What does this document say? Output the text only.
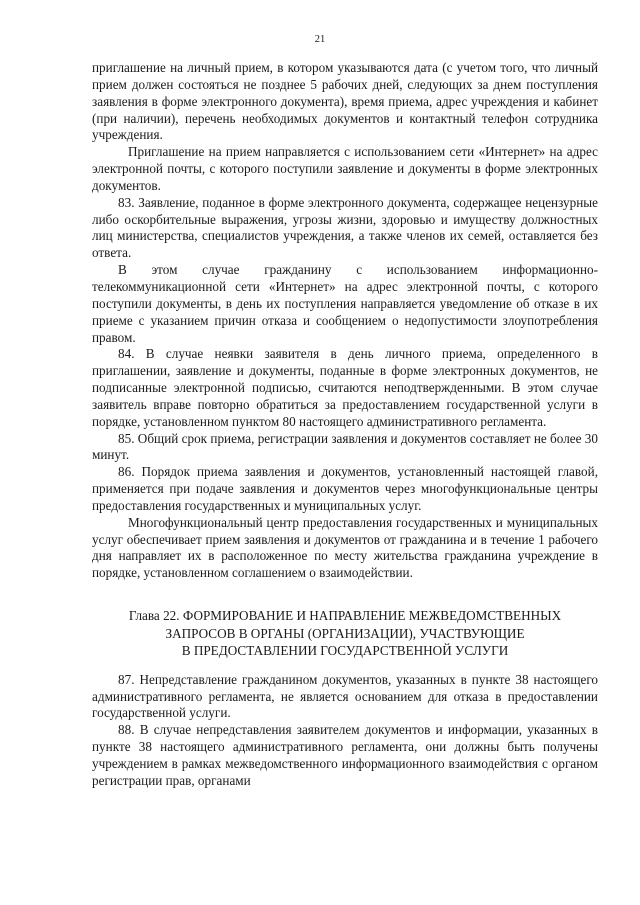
21

приглашение на личный прием, в котором указываются дата (с учетом того, что личный прием должен состояться не позднее 5 рабочих дней, следующих за днем поступления заявления в форме электронного документа), время приема, адрес учреждения и кабинет (при наличии), перечень необходимых документов и контактный телефон сотрудника учреждения.

Приглашение на прием направляется с использованием сети «Интернет» на адрес электронной почты, с которого поступили заявление и документы в форме электронных документов.

83. Заявление, поданное в форме электронного документа, содержащее нецензурные либо оскорбительные выражения, угрозы жизни, здоровью и имуществу должностных лиц министерства, специалистов учреждения, а также членов их семей, оставляется без ответа.

В этом случае гражданину с использованием информационно-телекоммуникационной сети «Интернет» на адрес электронной почты, с которого поступили документы, в день их поступления направляется уведомление об отказе в их приеме с указанием причин отказа и сообщением о недопустимости злоупотребления правом.

84. В случае неявки заявителя в день личного приема, определенного в приглашении, заявление и документы, поданные в форме электронных документов, не подписанные электронной подписью, считаются неподтвержденными. В этом случае заявитель вправе повторно обратиться за предоставлением государственной услуги в порядке, установленном пунктом 80 настоящего административного регламента.

85. Общий срок приема, регистрации заявления и документов составляет не более 30 минут.

86. Порядок приема заявления и документов, установленный настоящей главой, применяется при подаче заявления и документов через многофункциональные центры предоставления государственных и муниципальных услуг.

Многофункциональный центр предоставления государственных и муниципальных услуг обеспечивает прием заявления и документов от гражданина и в течение 1 рабочего дня направляет их в расположенное по месту жительства гражданина учреждение в порядке, установленном соглашением о взаимодействии.

Глава 22. ФОРМИРОВАНИЕ И НАПРАВЛЕНИЕ МЕЖВЕДОМСТВЕННЫХ
ЗАПРОСОВ В ОРГАНЫ (ОРГАНИЗАЦИИ), УЧАСТВУЮЩИЕ
В ПРЕДОСТАВЛЕНИИ ГОСУДАРСТВЕННОЙ УСЛУГИ

87. Непредставление гражданином документов, указанных в пункте 38 настоящего административного регламента, не является основанием для отказа в предоставлении государственной услуги.

88. В случае непредставления заявителем документов и информации, указанных в пункте 38 настоящего административного регламента, они должны быть получены учреждением в рамках межведомственного информационного взаимодействия с органом регистрации прав, органами
